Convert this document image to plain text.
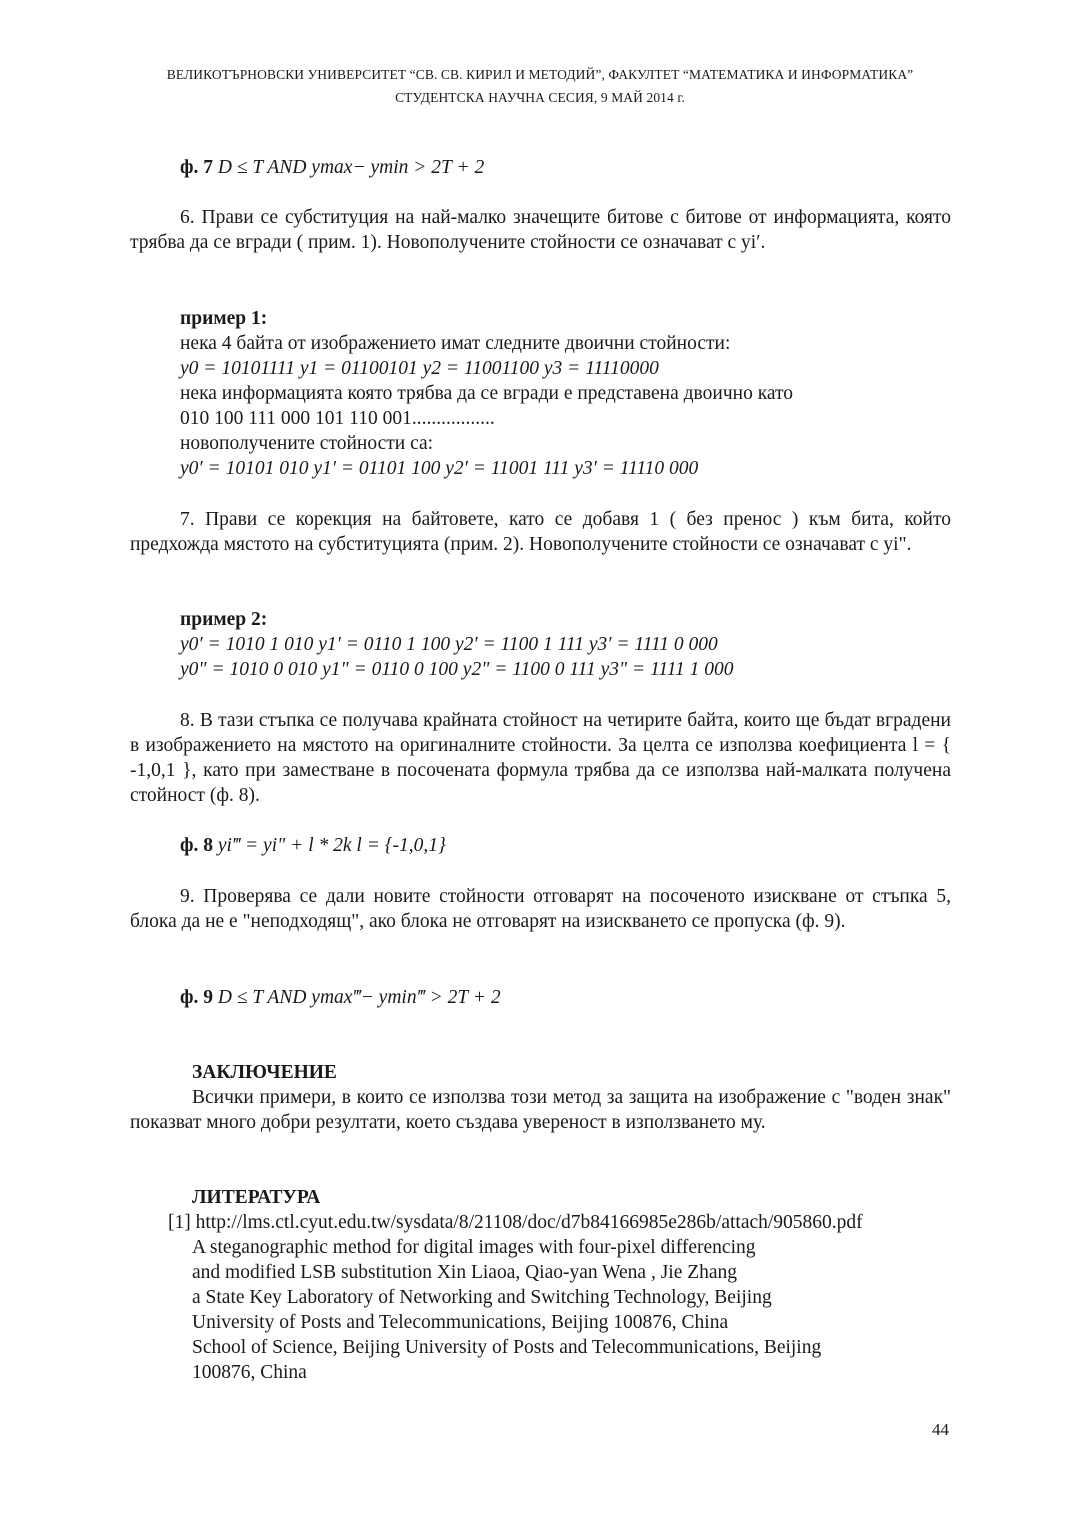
ВЕЛИКОТЪРНОВСКИ УНИВЕРСИТЕТ “СВ. СВ. КИРИЛ И МЕТОДИЙ”, ФАКУЛТЕТ “МАТЕМАТИКА И ИНФОРМАТИКА”
СТУДЕНТСКА НАУЧНА СЕСИЯ, 9 МАЙ 2014 г.
ф. 7 D ≤ T AND ymax− ymin > 2T + 2
6. Прави се субституция на най-малко значещите битове с битове от информацията, която трябва да се вгради ( прим. 1). Новополучените стойности се означават с yi′.
пример 1:
нека 4 байта от изображението имат следните двоични стойности:
y0 = 10101111 y1 = 01100101 y2 = 11001100 y3 = 11110000
нека информацията която трябва да се вгради е представена двоично като
010 100 111 000 101 110 001.................
новополучените стойности са:
y0′ = 10101 010 y1′ = 01101 100 y2′ = 11001 111 y3′ = 11110 000
7. Прави се корекция на байтовете, като се добавя 1 ( без пренос ) към бита, който предхожда мястото на субституцията (прим. 2). Новополучените стойности се означават с yi".
пример 2:
y0′ = 1010 1 010 y1′ = 0110 1 100 y2′ = 1100 1 111 y3′ = 1111 0 000
y0" = 1010 0 010 y1" = 0110 0 100 y2" = 1100 0 111 y3" = 1111 1 000
8. В тази стъпка се получава крайната стойност на четирите байта, които ще бъдат вградени в изображението на мястото на оригиналните стойности. За целта се използва коефициента l = { -1,0,1 }, като при заместване в посочената формула трябва да се използва най-малката получена стойност (ф. 8).
ф. 8 yi‴ = yi" + l * 2k l = {-1,0,1}
9. Проверява се дали новите стойности отговарят на посоченото изискване от стъпка 5, блока да не е "неподходящ", ако блока не отговарят на изискването се пропуска (ф. 9).
ф. 9 D ≤ T AND ymax‴− ymin‴ > 2T + 2
ЗАКЛЮЧЕНИЕ
Всички примери, в които се използва този метод за защита на изображение с "воден знак" показват много добри резултати, което създава увереност в използването му.
ЛИТЕРАТУРА
[1] http://lms.ctl.cyut.edu.tw/sysdata/8/21108/doc/d7b84166985e286b/attach/905860.pdf
A steganographic method for digital images with four-pixel differencing
and modified LSB substitution Xin Liaoa, Qiao-yan Wena , Jie Zhang
a State Key Laboratory of Networking and Switching Technology, Beijing
University of Posts and Telecommunications, Beijing 100876, China
School of Science, Beijing University of Posts and Telecommunications, Beijing
100876, China
44
